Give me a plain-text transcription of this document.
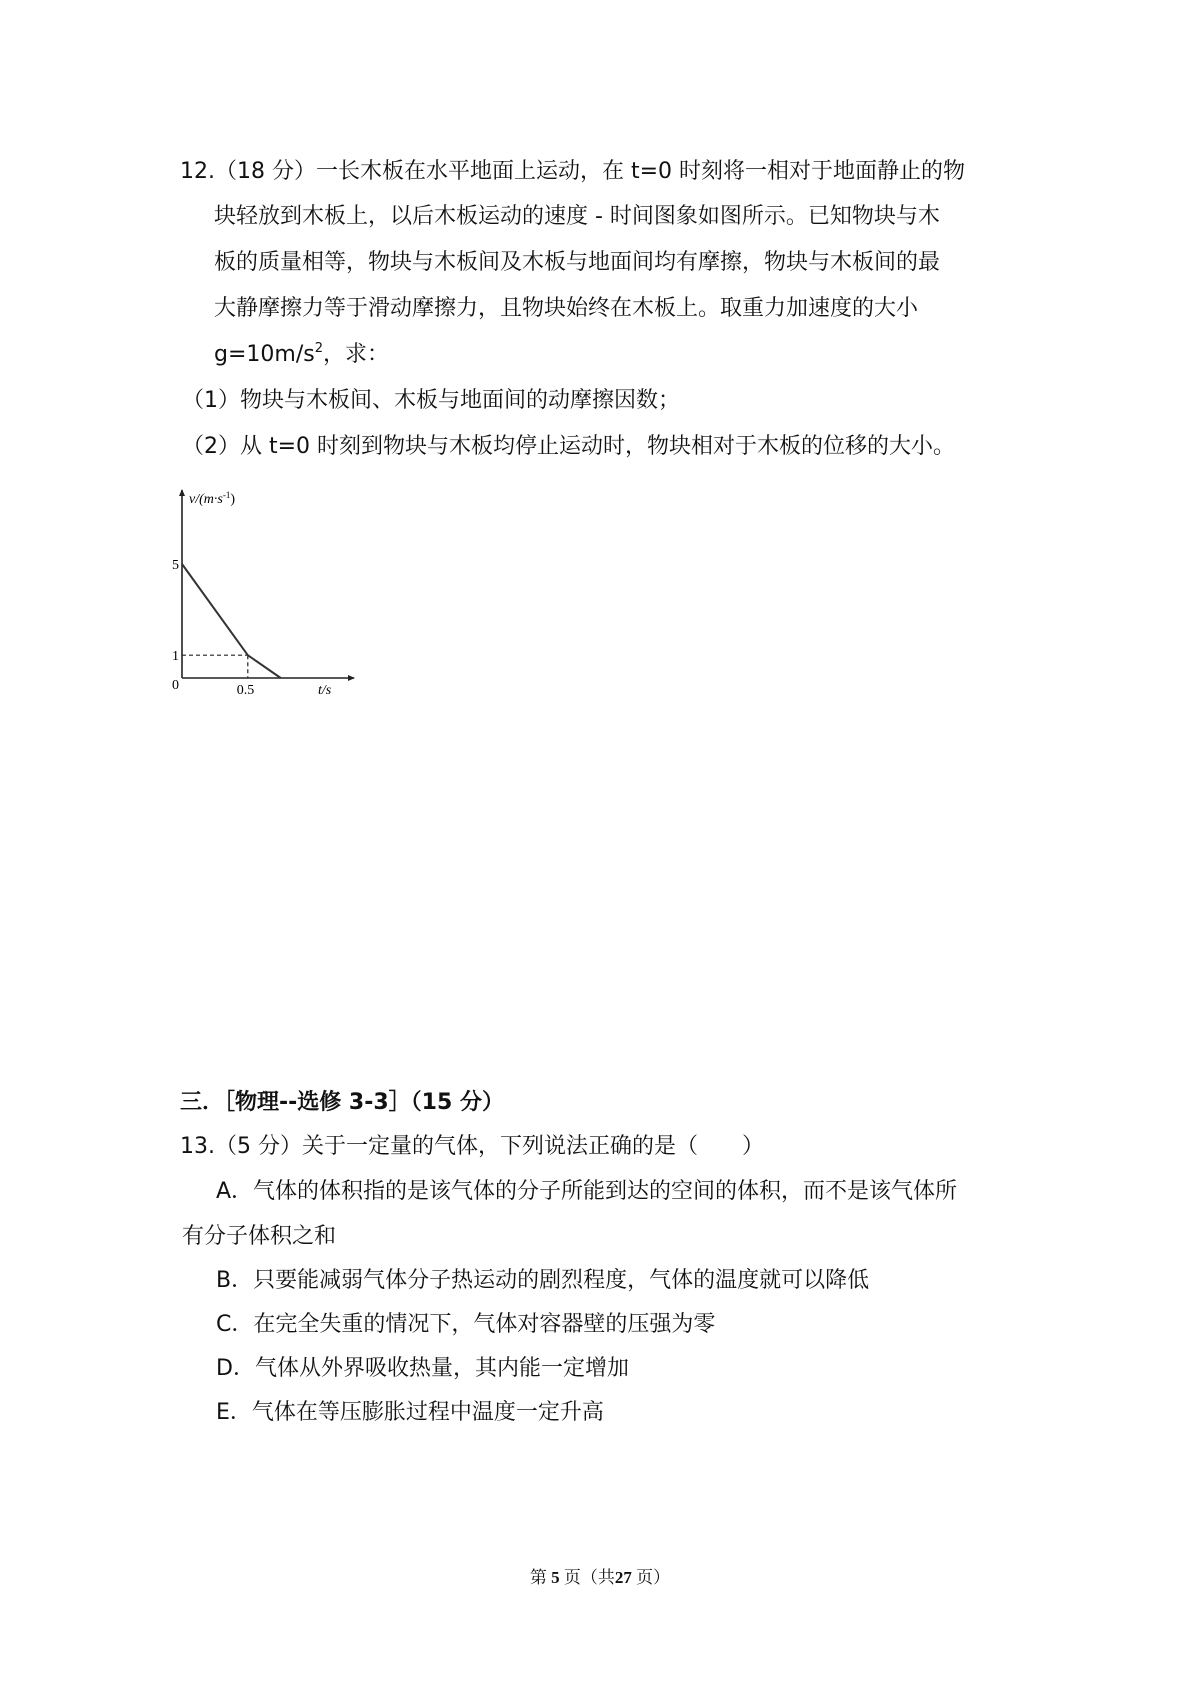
12.（18 分）一长木板在水平地面上运动，在 t=0 时刻将一相对于地面静止的物
块轻放到木板上，以后木板运动的速度 - 时间图象如图所示。已知物块与木
板的质量相等，物块与木板间及木板与地面间均有摩擦，物块与木板间的最
大静摩擦力等于滑动摩擦力，且物块始终在木板上。取重力加速度的大小
$g=10m/s^2$，求：
（1）物块与木板间、木板与地面间的动摩擦因数；
（2）从 t=0 时刻到物块与木板均停止运动时，物块相对于木板的位移的大小。
$v/(m\cdot s^{-1})$
t/s
0
5
1
0.5
三．［物理--选修 3-3］（15 分）
13.（5 分）关于一定量的气体，下列说法正确的是（　　）
A．气体的体积指的是该气体的分子所能到达的空间的体积，而不是该气体所
有分子体积之和
B．只要能减弱气体分子热运动的剧烈程度，气体的温度就可以降低
C．在完全失重的情况下，气体对容器壁的压强为零
D．气体从外界吸收热量，其内能一定增加
E．气体在等压膨胀过程中温度一定升高
第 5 页（共27 页）
